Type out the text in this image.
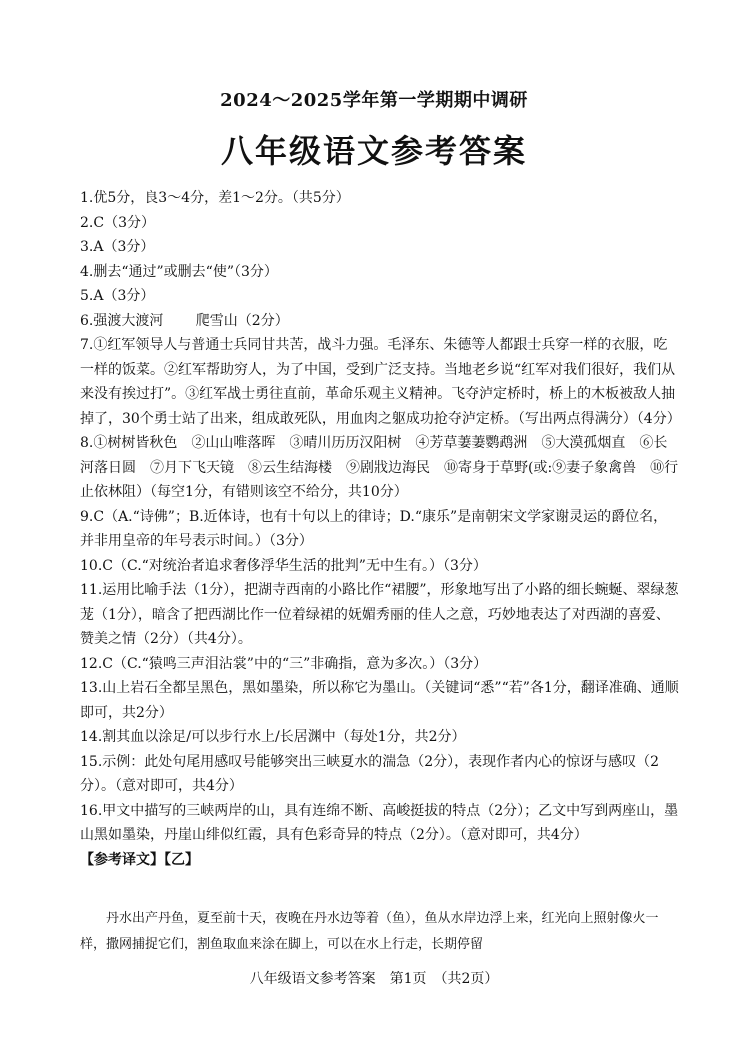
2024～2025学年第一学期期中调研
八年级语文参考答案

1.优5分，良3～4分，差1～2分。（共5分）

2.C（3分）

3.A（3分）

4.删去“通过”或删去“使”（3分）

5.A（3分）

6.强渡大渡河　　 爬雪山（2分）

7.①红军领导人与普通士兵同甘共苦，战斗力强。毛泽东、朱德等人都跟士兵穿一样的衣服，吃一样的饭菜。②红军帮助穷人，为了中国，受到广泛支持。当地老乡说“红军对我们很好，我们从来没有挨过打”。③红军战士勇往直前，革命乐观主义精神。飞夺泸定桥时，桥上的木板被敌人抽掉了，30个勇士站了出来，组成敢死队，用血肉之躯成功抢夺泸定桥。（写出两点得满分）（4分）

8.①树树皆秋色　②山山唯落晖　③晴川历历汉阳树　④芳草萋萋鹦鹉洲　⑤大漠孤烟直　⑥长河落日圆　⑦月下飞天镜　⑧云生结海楼　⑨剧戕边海民　⑩寄身于草野(或:⑨妻子象禽兽　⑩行止依林阻）（每空1分，有错则该空不给分，共10分）

9.C（A.“诗佛”；B.近体诗，也有十句以上的律诗；D.“康乐”是南朝宋文学家谢灵运的爵位名，并非用皇帝的年号表示时间。）（3分）

10.C（C.“对统治者追求奢侈浮华生活的批判”无中生有。）（3分）

11.运用比喻手法（1分），把湖寺西南的小路比作“裙腰”，形象地写出了小路的细长蜿蜒、翠绿葱茏（1分），暗含了把西湖比作一位着绿裙的妩媚秀丽的佳人之意，巧妙地表达了对西湖的喜爱、赞美之情（2分）（共4分）。

12.C（C.“猿鸣三声泪沾裳”中的“三”非确指，意为多次。）（3分）

13.山上岩石全都呈黑色，黑如墨染，所以称它为墨山。（关键词“悉”“若”各1分，翻译准确、通顺即可，共2分）

14.割其血以涂足/可以步行水上/长居渊中（每处1分，共2分）

15.示例：此处句尾用感叹号能够突出三峡夏水的湍急（2分），表现作者内心的惊讶与感叹（2分）。（意对即可，共4分）

16.甲文中描写的三峡两岸的山，具有连绵不断、高峻挺拔的特点（2分）；乙文中写到两座山，墨山黑如墨染，丹崖山绯似红霞，具有色彩奇异的特点（2分）。（意对即可，共4分）

【参考译文】【乙】

丹水出产丹鱼，夏至前十天，夜晚在丹水边等着（鱼），鱼从水岸边浮上来，红光向上照射像火一样，撒网捕捉它们，割鱼取血来涂在脚上，可以在水上行走，长期停留

八年级语文参考答案　第1页　（共2页）
